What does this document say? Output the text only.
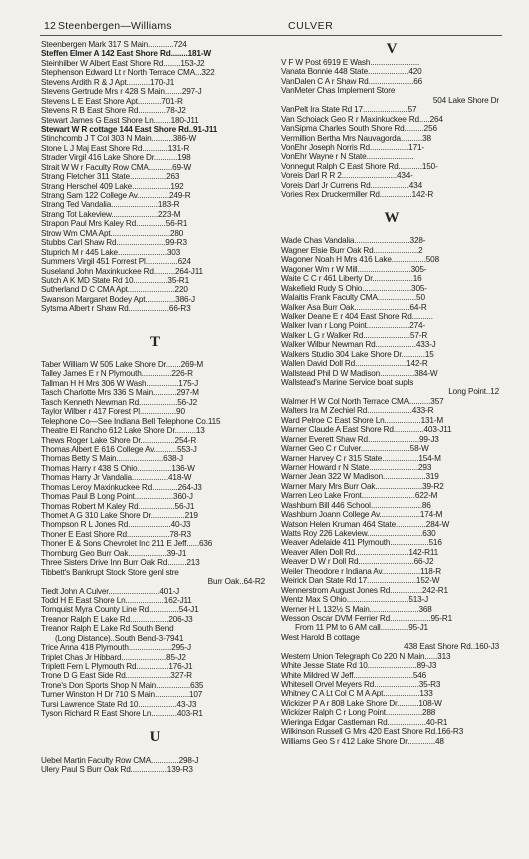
12 Steenbergen—Williams	CULVER
Steenbergen Mark 317 S Main............724
Steffen Elmer A 142 East Shore Rd........181-W
Steinhilber W Albert East Shore Rd........153-J2
Stephenson Edward Lt r North Terrace CMA...322
Stevens Ardith R & J Apt...........170-J1
Stevens Gertrude Mrs r 428 S Main........297-J
Stevens L E East Shore Apt...........701-R
Stevens R B East Shore Rd.............78-J2
Stewart James G East Shore Ln........180-J11
Stewart W R cottage 144 East Shore Rd..91-J11
Stinchcomb J T Col 303 N Main..........386-W
Stone L J Maj East Shore Rd............131-R
Strader Virgil 416 Lake Shore Dr...........198
Strait W W r Faculty Row CMA...........69-W
Strang Fletcher 311 State.................263
Strang Herschel 409 Lake..................192
Strang Sam 122 College Av...............249-R
Strang Ted Vandalia......................183-R
Strang Tot Lakeview......................223-M
Strapon Paul Mrs Kaley Rd..............56-R1
Strow Wm CMA Apt............................280
Stubbs Carl Shaw Rd.......................99-R3
Stuprich M r 445 Lake.......................303
Summers Virgil 451 Forrest Pl...............624
Suseland John Maxinkuckee Rd..........264-J11
Sutch A K MD State Rd 10................35-R1
Sutherland D C CMA Apt......................220
Swanson Margaret Bodey Apt..............386-J
Sytsma Albert r Shaw Rd...................66-R3
T
Taber William W 505 Lake Shore Dr.......269-M
Talley James E r N Plymouth..............226-R
Tallman H H Mrs 306 W Wash...............175-J
Tasch Charlotte Mrs 336 S Main...........297-M
Tasch Kenneth Newman Rd..................56-J2
Taylor Wilber r 417 Forest Pl.................90
Telephone Co—See Indiana Bell Telephone Co.115
Theatre El Rancho 612 Lake Shore Dr..........13
Thews Roger Lake Shore Dr................254-R
Thomas Albert E 616 College Av...........553-J
Thomas Betty S Main......................638-J
Thomas Harry r 438 S Ohio................136-W
Thomas Harry Jr Vandalia.................418-W
Thomas Leroy Maxinkuckee Rd............264-J3
Thomas Paul B Long Point..................360-J
Thomas Robert M Kaley Rd.................56-J1
Thomet A G 310 Lake Shore Dr................219
Thompson R L Jones Rd....................40-J3
Thoner E East Shore Rd....................78-R3
Thoner E & Sons Chevrolet Inc 211 E Jeff......636
Thornburg Geo Burr Oak..................39-J1
Three Sisters Drive Inn Burr Oak Rd.........213
Tibbett's Bankrupt Stock Store genl stre
Burr Oak..64-R2
Tiedt John A Culver........................401-J
Todd H E East Shore Ln..................162-J11
Tornquist Myra County Line Rd..............54-J1
Treanor Ralph E Lake Rd..................206-J3
Treanor Ralph E Lake Rd South Bend
(Long Distance)..South Bend-3-7941
Trice Anna 418 Plymouth....................295-J
Triplet Chas Jr Hibbard.....................85-J2
Triplett Fern L Plymouth Rd...............176-J1
Trone D G East Side Rd.....................327-R
Trone's Don Sports Shop N Main................635
Turner Winston H Dr 710 S Main................107
Tursi Lawrence State Rd 10..................43-J3
Tyson Richard R East Shore Ln............403-R1
U
Uebel Martin Faculty Row CMA.............298-J
Ulery Paul S Burr Oak Rd.................139-R3
V
V F W Post 6919 E Wash.......................
Vanata Bonnie 448 State...................420
VanDalen C A r Shaw Rd.....................66
VanMeter Chas Implement Store
504 Lake Shore Dr
VanPelt Ira State Rd 17.....................57
Van Schoiack Geo R r Maxinkuckee Rd.....264
VanSipma Charles South Shore Rd.........256
Vermillion Bertha Mrs Nauvagorda..........38
VonEhr Joseph Norris Rd..................171-
VonEhr Wayne r N State......................
Vonnegut Ralph C East Shore Rd...........150-
Voreis Darl R R 2..........................434-
Voreis Darl Jr Currens Rd..................434
Vories Rex Druckermiller Rd...............142-R
W
Wade Chas Vandalia..........................328-
Wagner Elsie Burr Oak Rd.....................2
Wagoner Noah H Mrs 416 Lake................508
Wagoner Wm r W Mill.........................305-
Waite C C r 461 Liberty Dr...................16
Wakefield Rudy S Ohio.......................305-
Walaitis Frank Faculty CMA..................50
Walker Asa Burr Oak..........................64-R
Walker Deane E r 404 East Shore Rd..........
Walker Ivan r Long Point....................274-
Walker L G r Walker Rd......................57-R
Walker Wilbur Newman Rd...................433-J
Walkers Studio 304 Lake Shore Dr...........15
Wallen David Doll Rd........................142-R
Wallstead Phil D W Madison................384-W
Wallstead's Marine Service boat supls
Long Point..12
Walmer H W Col North Terrace CMA..........357
Walters Ira M Zechiel Rd.....................433-R
Ward Pelroe C East Shore Ln.................131-M
Warner Claude A East Shore Rd..............403-J11
Warner Everett Shaw Rd........................99-J3
Warner Geo C r Culver.......................58-W
Warner Harvey C r 315 State.................154-M
Warner Howard r N State.......................293
Warner Jean 322 W Madison....................319
Warner Mary Mrs Burr Oak......................39-R2
Warren Leo Lake Front.........................622-M
Washburn Bill 446 School........................86
Washburn Joann College Av...................174-M
Watson Helen Kruman 464 State..............284-W
Watts Roy 226 Lakeview..........................630
Weaver Adelaide 411 Plymouth..................516
Weaver Allen Doll Rd.........................142-R11
Weaver D W r Doll Rd..........................66-J2
Weiler Theodore r Indiana Av..................118-R
Weirick Dan State Rd 17.......................152-W
Wennerstrom August Jones Rd...............242-R1
Wentz Max S Ohio.............................513-J
Werner H L 132½ S Main.......................368
Wesson Oscar DVM Ferrier Rd...................95-R1
From 11 PM to 6 AM call.............95-J1
West Harold B cottage
438 East Shore Rd..160-J3
Western Union Telegraph Co 220 N Main......313
White Jesse State Rd 10.......................89-J3
White Mildred W Jeff............................546
Whitesell Orvel Meyers Rd.....................35-R3
Whitney C A Lt Col C M A Apt.................133
Wickizer P A r 808 Lake Shore Dr..........108-W
Wickizer Ralph C r Long Point.................288
Wieringa Edgar Castleman Rd..................40-R1
Wilkinson Russell G Mrs 420 East Shore Rd.166-R3
Williams Geo S r 412 Lake Shore Dr.............48
